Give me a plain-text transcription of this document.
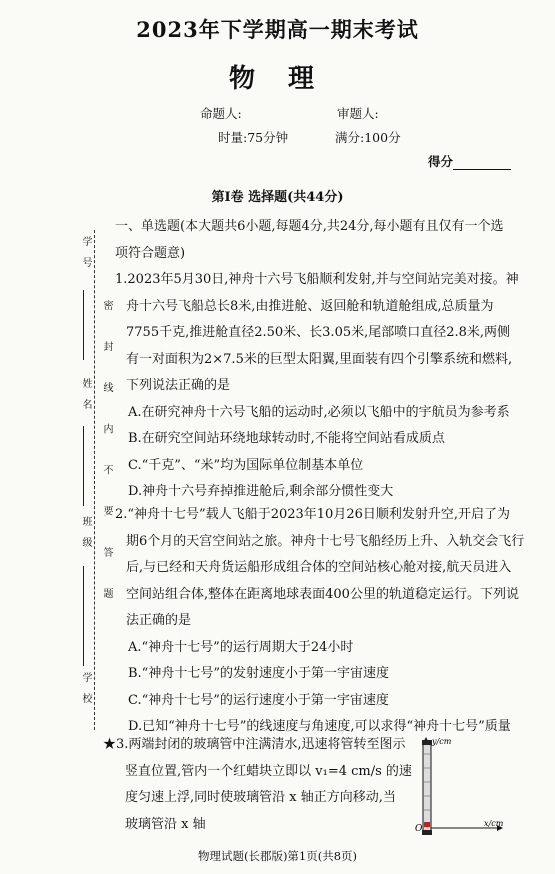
2023年下学期高一期末考试
物 理
命题人:	审题人:
时量:75分钟	满分:100分
得分
第Ⅰ卷 选择题(共44分)
学 号
姓 名
班 级
学 校
密 封 线 内 不 要 答 题
一、单选题(本大题共6小题,每题4分,共24分,每小题有且仅有一个选
项符合题意)
1.2023年5月30日,神舟十六号飞船顺利发射,并与空间站完美对接。神
舟十六号飞船总长8米,由推进舱、返回舱和轨道舱组成,总质量为
7755千克,推进舱直径2.50米、长3.05米,尾部喷口直径2.8米,两侧
有一对面积为2×7.5米的巨型太阳翼,里面装有四个引擎系统和燃料,
下列说法正确的是
A.在研究神舟十六号飞船的运动时,必须以飞船中的宇航员为参考系
B.在研究空间站环绕地球转动时,不能将空间站看成质点
C.“千克”、“米”均为国际单位制基本单位
D.神舟十六号弃掉推进舱后,剩余部分惯性变大
2.“神舟十七号”载人飞船于2023年10月26日顺利发射升空,开启了为
期6个月的天宫空间站之旅。神舟十七号飞船经历上升、入轨交会飞行
后,与已经和天舟货运船形成组合体的空间站核心舱对接,航天员进入
空间站组合体,整体在距离地球表面400公里的轨道稳定运行。下列说
法正确的是
A.“神舟十七号”的运行周期大于24小时
B.“神舟十七号”的发射速度小于第一宇宙速度
C.“神舟十七号”的运行速度小于第一宇宙速度
D.已知“神舟十七号”的线速度与角速度,可以求得“神舟十七号”质量
★3.两端封闭的玻璃管中注满清水,迅速将管转至图示
竖直位置,管内一个红蜡块立即以 v₁=4 cm/s 的速
度匀速上浮,同时使玻璃管沿 x 轴正方向移动,当
玻璃管沿 x 轴
y/cm
x/cm
O
物理试题(长郡版)第1页(共8页)
